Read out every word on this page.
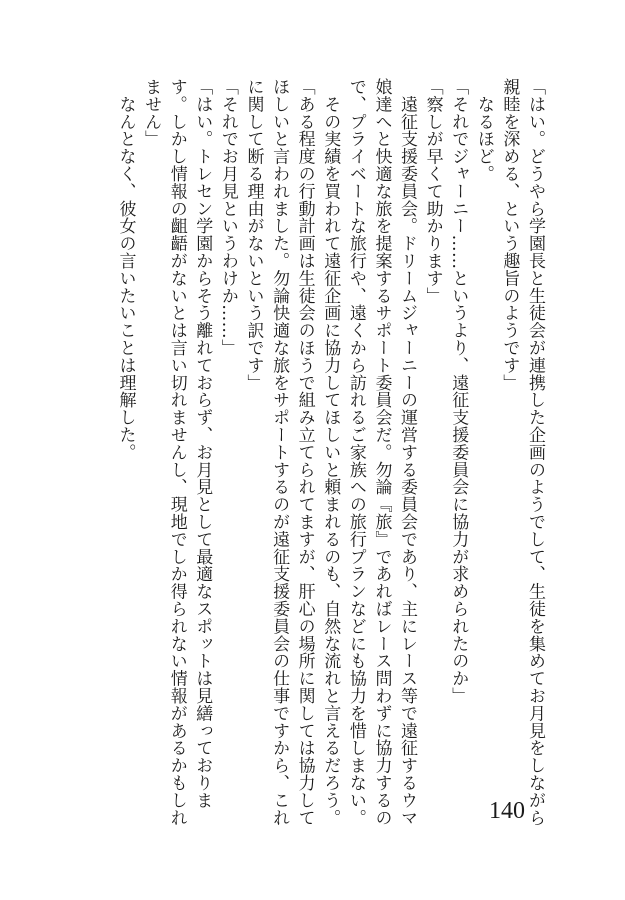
「はい。どうやら学園長と生徒会が連携した企画のようでして、生徒を集めてお月見をしながら
親睦を深める、という趣旨のようです」
　なるほど。
「それでジャーニー……というより、遠征支援委員会に協力が求められたのか」
「察しが早くて助かります」
　遠征支援委員会。ドリームジャーニーの運営する委員会であり、主にレース等で遠征するウマ
娘達へと快適な旅を提案するサポート委員会だ。勿論『旅』であればレース問わずに協力するの
で、プライベートな旅行や、遠くから訪れるご家族への旅行プランなどにも協力を惜しまない。
　その実績を買われて遠征企画に協力してほしいと頼まれるのも、自然な流れと言えるだろう。
「ある程度の行動計画は生徒会のほうで組み立てられてますが、肝心の場所に関しては協力して
ほしいと言われました。勿論快適な旅をサポートするのが遠征支援委員会の仕事ですから、これ
に関して断る理由がないという訳です」
「それでお月見というわけか……」
「はい。トレセン学園からそう離れておらず、お月見として最適なスポットは見繕っておりま
す。しかし情報の齟齬がないとは言い切れませんし、現地でしか得られない情報があるかもしれ
ません」
　なんとなく、彼女の言いたいことは理解した。
140
